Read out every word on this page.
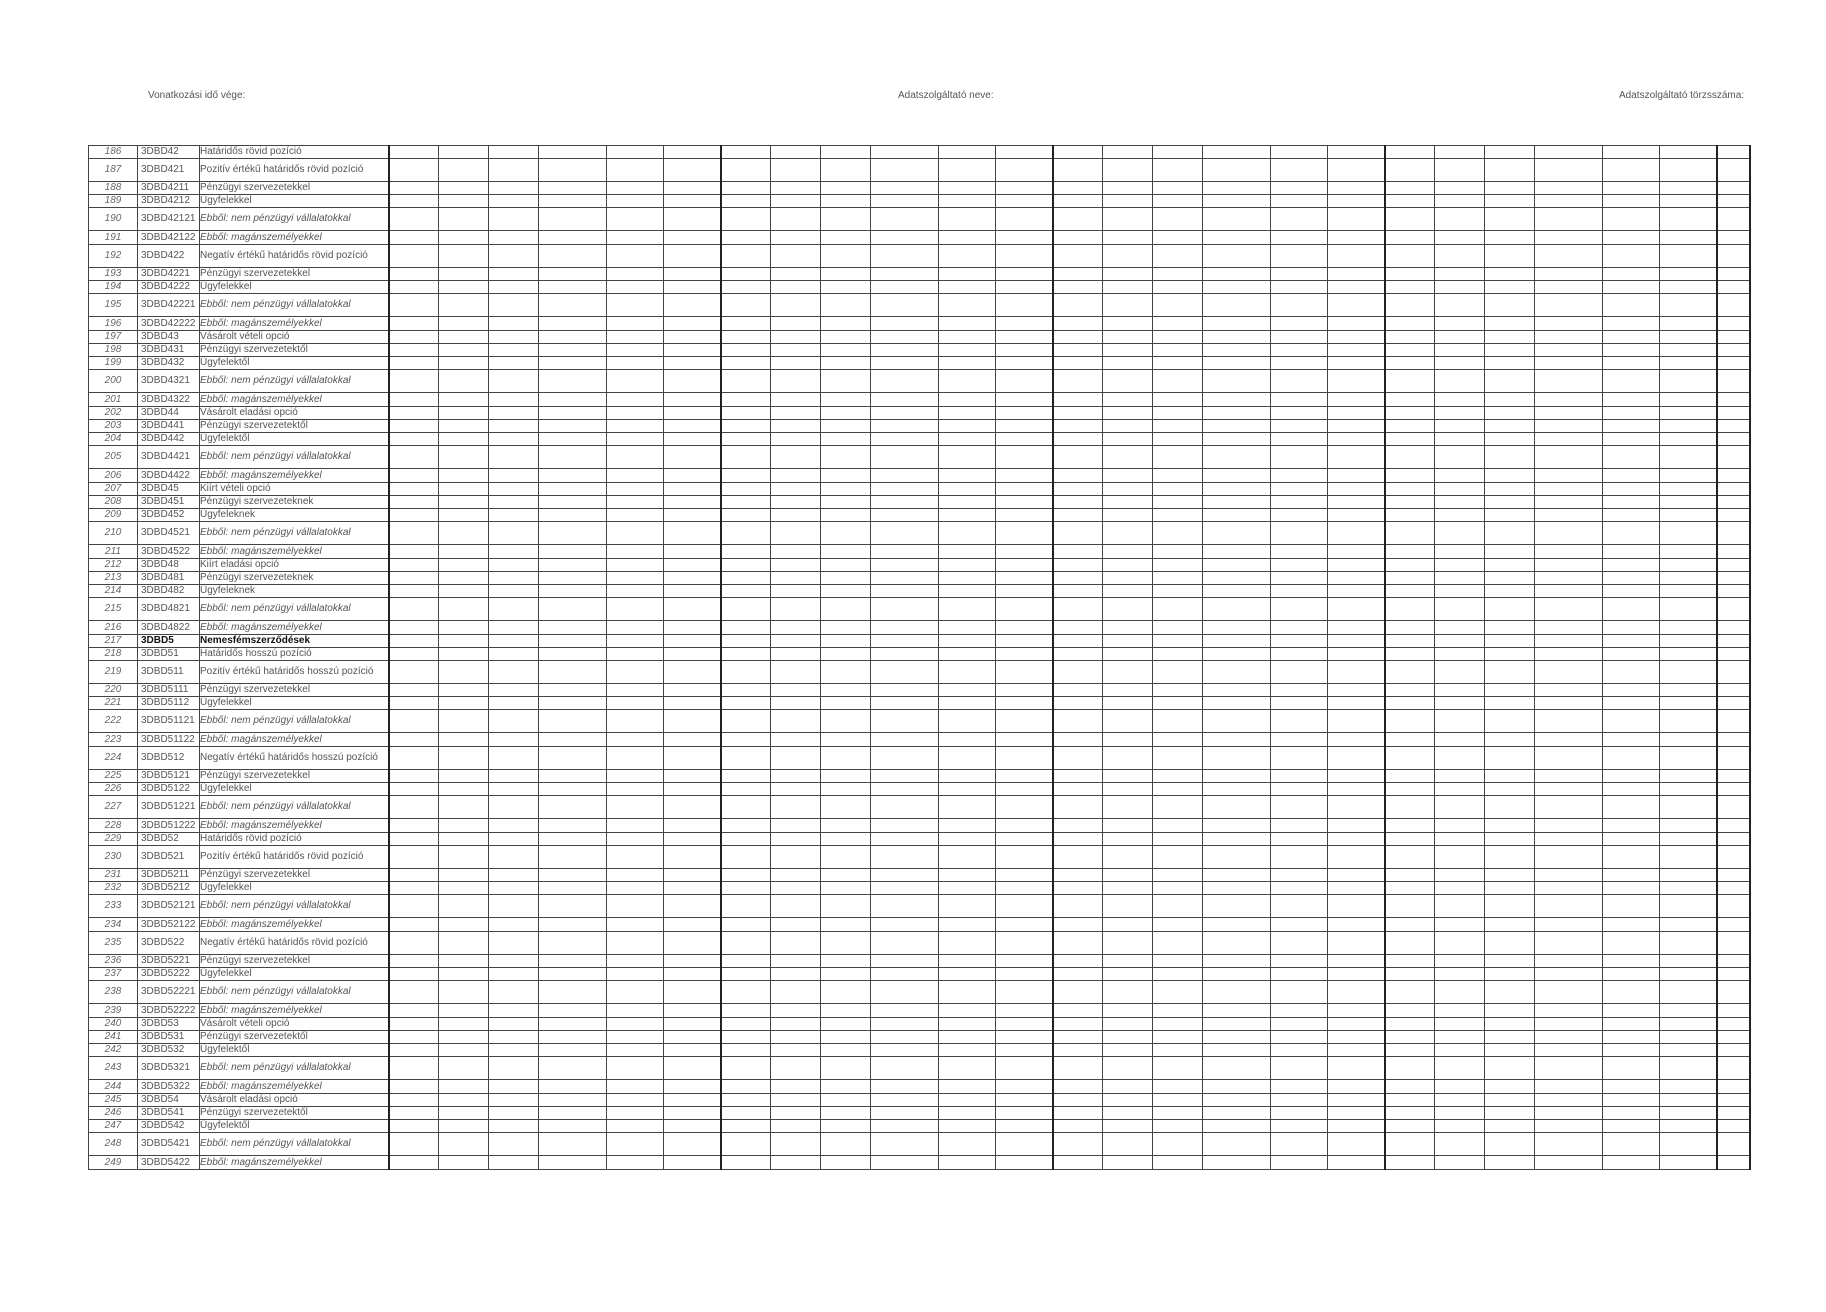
Vonatkozási idő vége:	Adatszolgáltató neve:	Adatszolgáltató törzsszáma:
186	3DBD42	Határidős rövid pozíció																									
187	3DBD421	Pozitív értékű határidős rövid pozíció																									
188	3DBD4211	Pénzügyi szervezetekkel																									
189	3DBD4212	Ügyfelekkel																									
190	3DBD42121	Ebből: nem pénzügyi vállalatokkal																									
191	3DBD42122	Ebből: magánszemélyekkel																									
192	3DBD422	Negatív értékű határidős rövid pozíció																									
193	3DBD4221	Pénzügyi szervezetekkel																									
194	3DBD4222	Ügyfelekkel																									
195	3DBD42221	Ebből: nem pénzügyi vállalatokkal																									
196	3DBD42222	Ebből: magánszemélyekkel																									
197	3DBD43	Vásárolt vételi opció																									
198	3DBD431	Pénzügyi szervezetektől																									
199	3DBD432	Ügyfelektől																									
200	3DBD4321	Ebből: nem pénzügyi vállalatokkal																									
201	3DBD4322	Ebből: magánszemélyekkel																									
202	3DBD44	Vásárolt eladási opció																									
203	3DBD441	Pénzügyi szervezetektől																									
204	3DBD442	Ügyfelektől																									
205	3DBD4421	Ebből: nem pénzügyi vállalatokkal																									
206	3DBD4422	Ebből: magánszemélyekkel																									
207	3DBD45	Kiírt vételi opció																									
208	3DBD451	Pénzügyi szervezeteknek																									
209	3DBD452	Ügyfeleknek																									
210	3DBD4521	Ebből: nem pénzügyi vállalatokkal																									
211	3DBD4522	Ebből: magánszemélyekkel																									
212	3DBD48	Kiírt eladási opció																									
213	3DBD481	Pénzügyi szervezeteknek																									
214	3DBD482	Ügyfeleknek																									
215	3DBD4821	Ebből: nem pénzügyi vállalatokkal																									
216	3DBD4822	Ebből: magánszemélyekkel																									
217	3DBD5	Nemesfémszerződések																									
218	3DBD51	Határidős hosszú pozíció																									
219	3DBD511	Pozitív értékű határidős hosszú pozíció																									
220	3DBD5111	Pénzügyi szervezetekkel																									
221	3DBD5112	Ügyfelekkel																									
222	3DBD51121	Ebből: nem pénzügyi vállalatokkal																									
223	3DBD51122	Ebből: magánszemélyekkel																									
224	3DBD512	Negatív értékű határidős hosszú pozíció																									
225	3DBD5121	Pénzügyi szervezetekkel																									
226	3DBD5122	Ügyfelekkel																									
227	3DBD51221	Ebből: nem pénzügyi vállalatokkal																									
228	3DBD51222	Ebből: magánszemélyekkel																									
229	3DBD52	Határidős rövid pozíció																									
230	3DBD521	Pozitív értékű határidős rövid pozíció																									
231	3DBD5211	Pénzügyi szervezetekkel																									
232	3DBD5212	Ügyfelekkel																									
233	3DBD52121	Ebből: nem pénzügyi vállalatokkal																									
234	3DBD52122	Ebből: magánszemélyekkel																									
235	3DBD522	Negatív értékű határidős rövid pozíció																									
236	3DBD5221	Pénzügyi szervezetekkel																									
237	3DBD5222	Ügyfelekkel																									
238	3DBD52221	Ebből: nem pénzügyi vállalatokkal																									
239	3DBD52222	Ebből: magánszemélyekkel																									
240	3DBD53	Vásárolt vételi opció																									
241	3DBD531	Pénzügyi szervezetektől																									
242	3DBD532	Ügyfelektől																									
243	3DBD5321	Ebből: nem pénzügyi vállalatokkal																									
244	3DBD5322	Ebből: magánszemélyekkel																									
245	3DBD54	Vásárolt eladási opció																									
246	3DBD541	Pénzügyi szervezetektől																									
247	3DBD542	Ügyfelektől																									
248	3DBD5421	Ebből: nem pénzügyi vállalatokkal																									
249	3DBD5422	Ebből: magánszemélyekkel																									
